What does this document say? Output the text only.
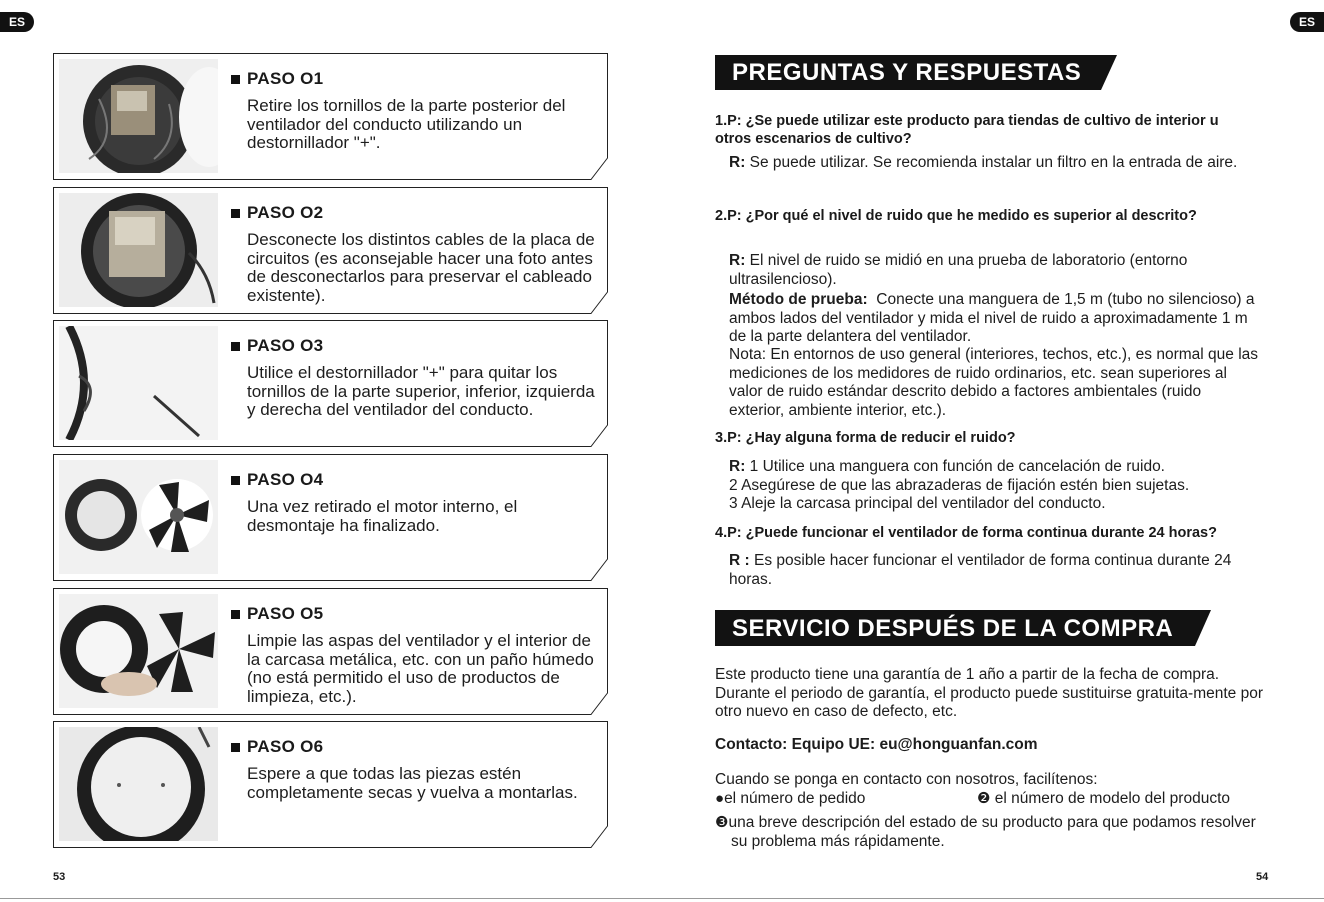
ES	ES
PASO O1
Retire los tornillos de la parte posterior del ventilador del conducto utilizando un destornillador "+".
PASO O2
Desconecte los distintos cables de la placa de circuitos (es aconsejable hacer una foto antes de desconectarlos para preservar el cableado existente).
PASO O3
Utilice el destornillador "+" para quitar los tornillos de la parte superior, inferior, izquierda y derecha del ventilador del conducto.
PASO O4
Una vez retirado el motor interno, el desmontaje ha finalizado.
PASO O5
Limpie las aspas del ventilador y el interior de la carcasa metálica, etc. con un paño húmedo (no está permitido el uso de productos de limpieza, etc.).
PASO O6
Espere a que todas las piezas estén completamente secas y vuelva a montarlas.
PREGUNTAS Y RESPUESTAS
1.P: ¿Se puede utilizar este producto para tiendas de cultivo de interior u otros escenarios de cultivo?
R: Se puede utilizar. Se recomienda instalar un filtro en la entrada de aire.
2.P: ¿Por qué el nivel de ruido que he medido es superior al descrito?
R: El nivel de ruido se midió en una prueba de laboratorio (entorno ultrasilencioso).
Método de prueba: Conecte una manguera de 1,5 m (tubo no silencioso) a ambos lados del ventilador y mida el nivel de ruido a aproximadamente 1 m de la parte delantera del ventilador.
Nota: En entornos de uso general (interiores, techos, etc.), es normal que las mediciones de los medidores de ruido ordinarios, etc. sean superiores al valor de ruido estándar descrito debido a factores ambientales (ruido exterior, ambiente interior, etc.).
3.P: ¿Hay alguna forma de reducir el ruido?
R: 1 Utilice una manguera con función de cancelación de ruido.
2 Asegúrese de que las abrazaderas de fijación estén bien sujetas.
3 Aleje la carcasa principal del ventilador del conducto.
4.P: ¿Puede funcionar el ventilador de forma continua durante 24 horas?
R : Es posible hacer funcionar el ventilador de forma continua durante 24 horas.
SERVICIO DESPUÉS DE LA COMPRA
Este producto tiene una garantía de 1 año a partir de la fecha de compra. Durante el periodo de garantía, el producto puede sustituirse gratuita-mente por otro nuevo en caso de defecto, etc.
Contacto: Equipo UE: eu@honguanfan.com
Cuando se ponga en contacto con nosotros, facilítenos:
●el número de pedido	❷ el número de modelo del producto
❸una breve descripción del estado de su producto para que podamos resolver su problema más rápidamente.
53	54
